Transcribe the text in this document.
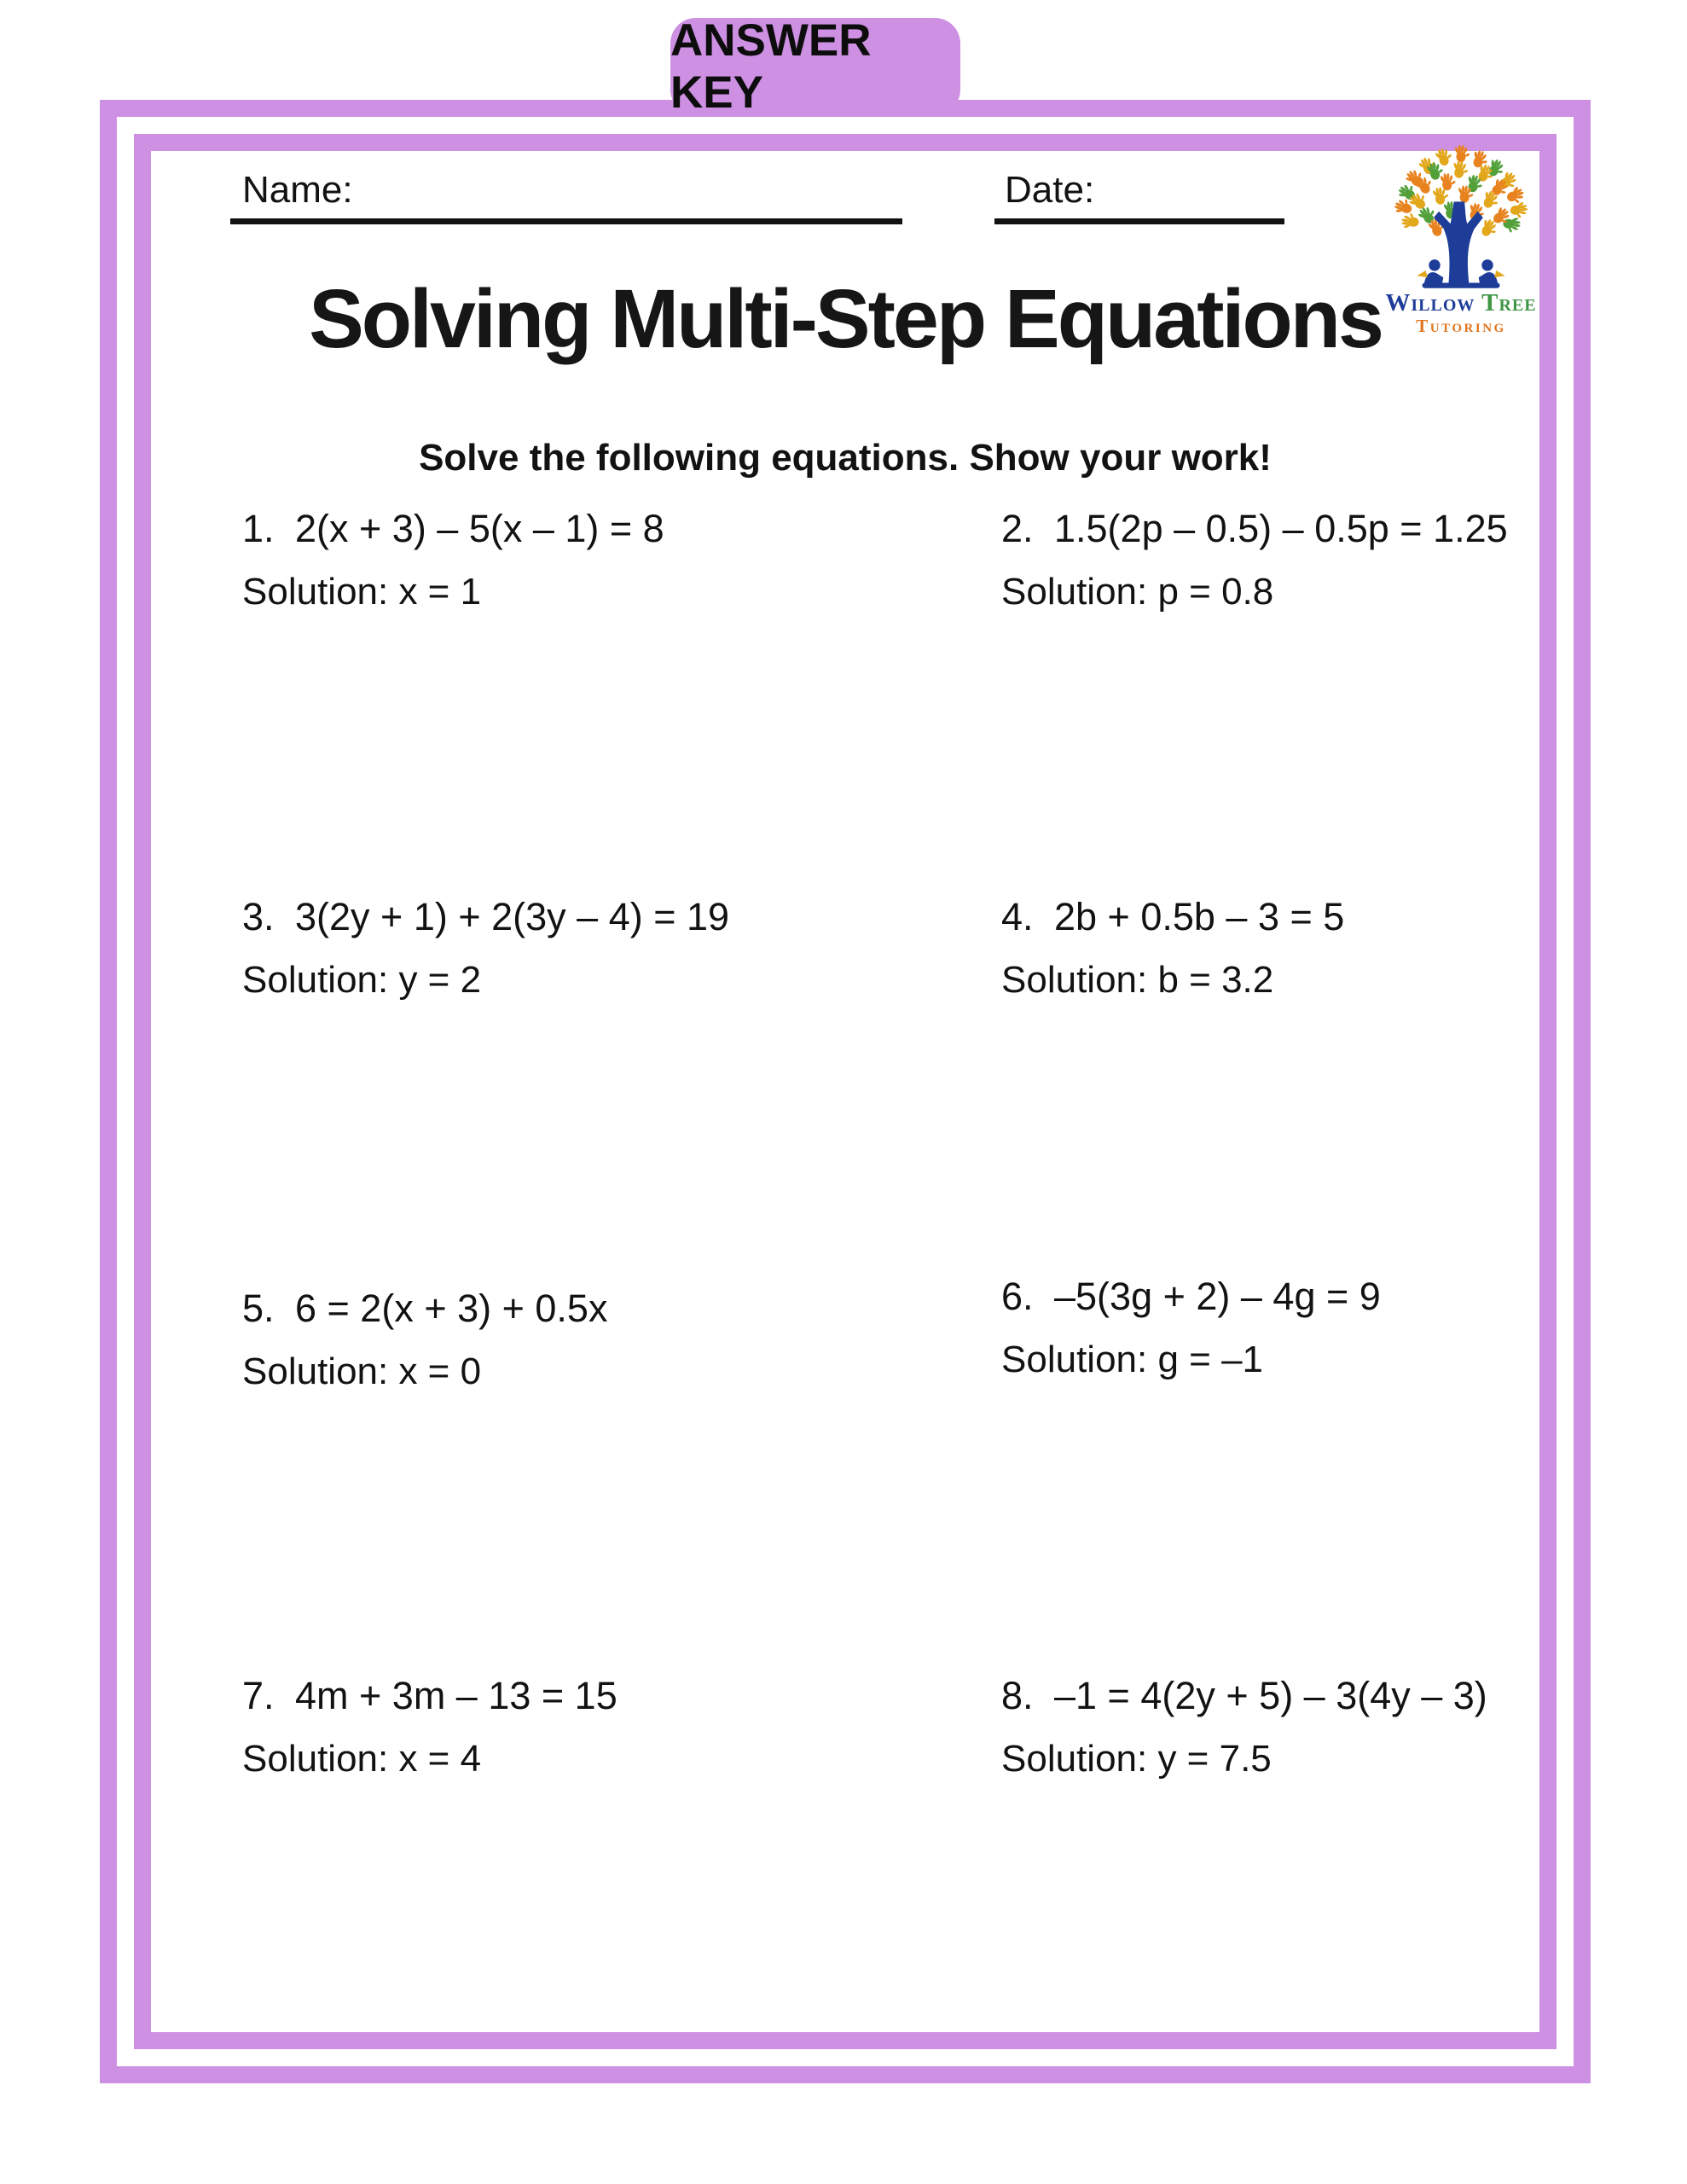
ANSWER KEY
Name:	Date:
Willow Tree
Tutoring
Solving Multi-Step Equations
Solve the following equations. Show your work!
1. 2(x + 3) – 5(x – 1) = 8
Solution: x = 1
2. 1.5(2p – 0.5) – 0.5p = 1.25
Solution: p = 0.8
3. 3(2y + 1) + 2(3y – 4) = 19
Solution: y = 2
4. 2b + 0.5b – 3 = 5
Solution: b = 3.2
5. 6 = 2(x + 3) + 0.5x
Solution: x = 0
6. –5(3g + 2) – 4g = 9
Solution: g = –1
7. 4m + 3m – 13 = 15
Solution: x = 4
8. –1 = 4(2y + 5) – 3(4y – 3)
Solution: y = 7.5
